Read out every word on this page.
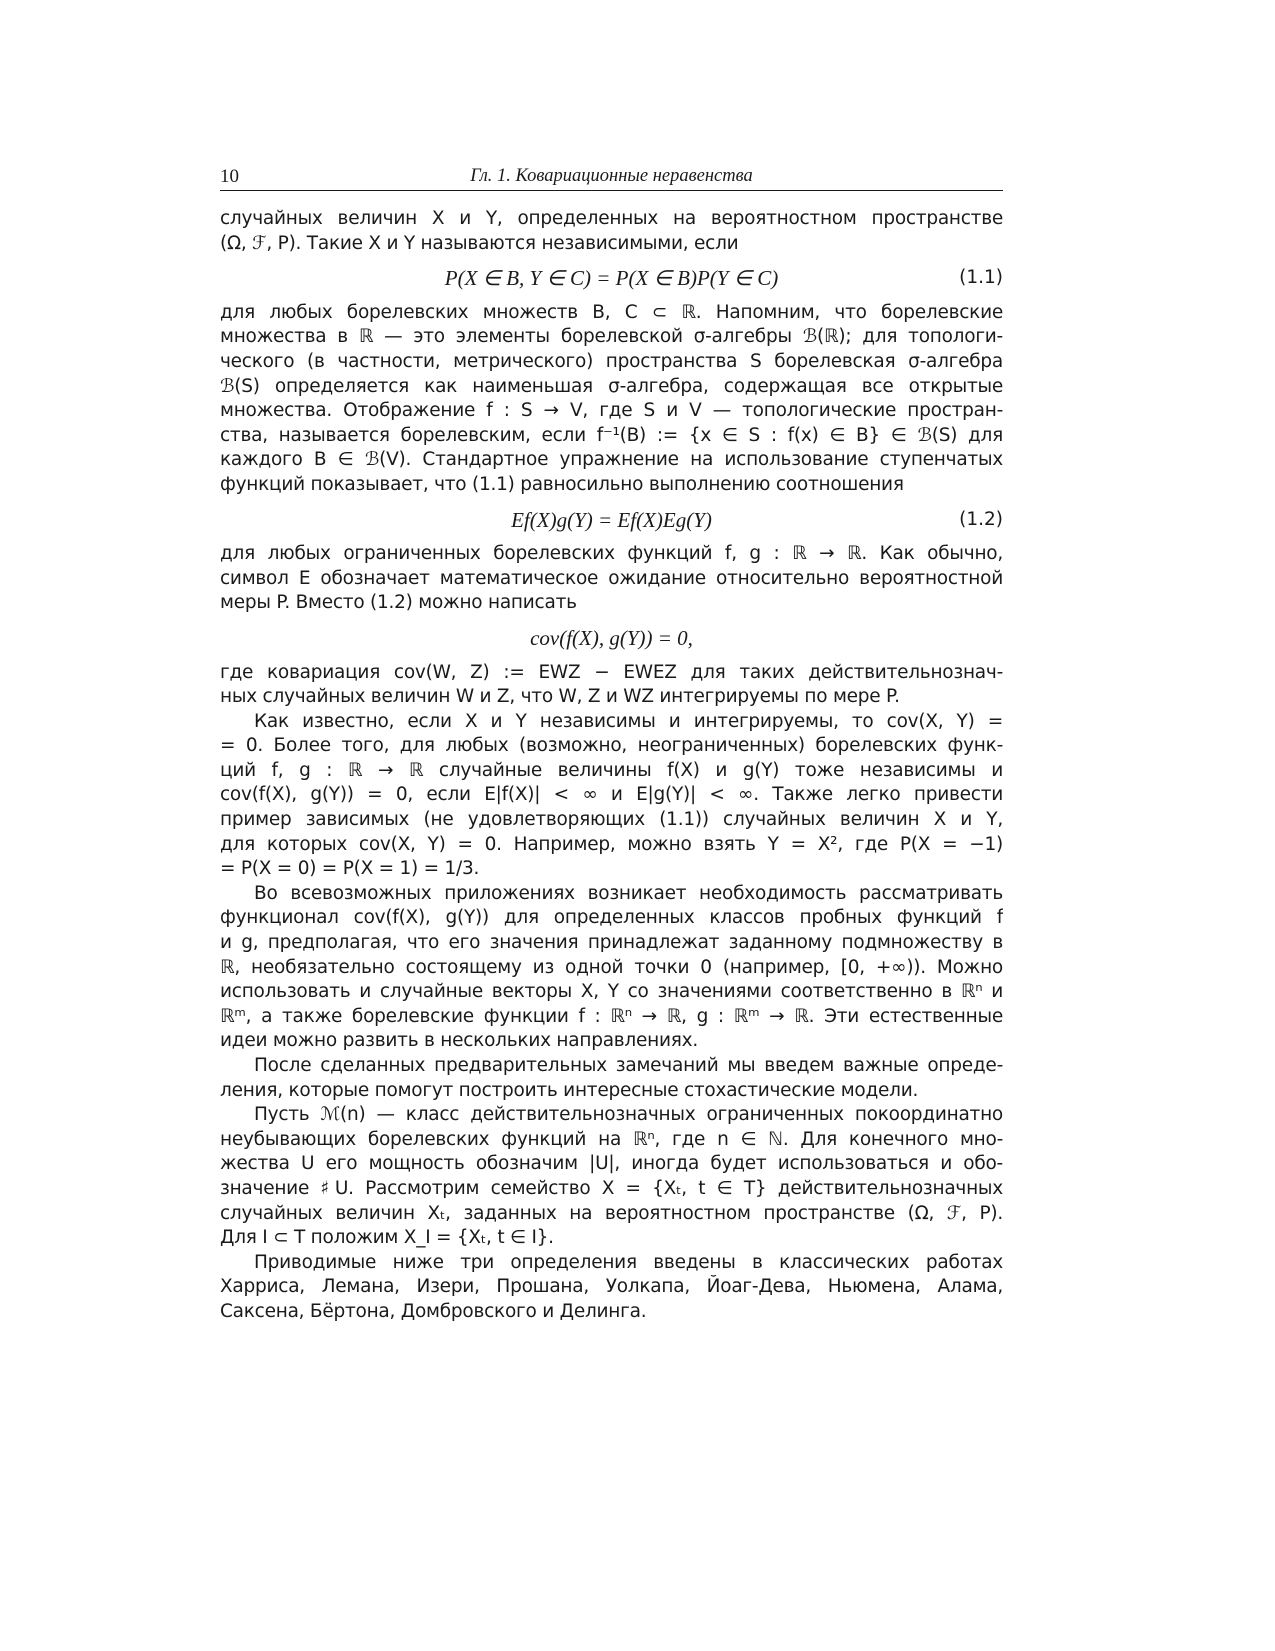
10	Гл. 1. Ковариационные неравенства
случайных величин X и Y, определенных на вероятностном пространстве
(Ω, ℱ, P). Такие X и Y называются независимыми, если
P(X ∈ B, Y ∈ C) = P(X ∈ B)P(Y ∈ C)	(1.1)
для любых борелевских множеств B, C ⊂ ℝ. Напомним, что борелевские
множества в ℝ — это элементы борелевской σ-алгебры ℬ(ℝ); для топологи-
ческого (в частности, метрического) пространства S борелевская σ-алгебра
ℬ(S) определяется как наименьшая σ-алгебра, содержащая все открытые
множества. Отображение f : S → V, где S и V — топологические простран-
ства, называется борелевским, если f⁻¹(B) := {x ∈ S : f(x) ∈ B} ∈ ℬ(S) для
каждого B ∈ ℬ(V). Стандартное упражнение на использование ступенчатых
функций показывает, что (1.1) равносильно выполнению соотношения
Ef(X)g(Y) = Ef(X)Eg(Y)	(1.2)
для любых ограниченных борелевских функций f, g : ℝ → ℝ. Как обычно,
символ E обозначает математическое ожидание относительно вероятностной
меры P. Вместо (1.2) можно написать
cov(f(X), g(Y)) = 0,
где ковариация cov(W, Z) := EWZ − EWEZ для таких действительнознач-
ных случайных величин W и Z, что W, Z и WZ интегрируемы по мере P.
Как известно, если X и Y независимы и интегрируемы, то cov(X, Y) =
= 0. Более того, для любых (возможно, неограниченных) борелевских функ-
ций f, g : ℝ → ℝ случайные величины f(X) и g(Y) тоже независимы и
cov(f(X), g(Y)) = 0, если E|f(X)| < ∞ и E|g(Y)| < ∞. Также легко привести
пример зависимых (не удовлетворяющих (1.1)) случайных величин X и Y,
для которых cov(X, Y) = 0. Например, можно взять Y = X², где P(X = −1)
= P(X = 0) = P(X = 1) = 1/3.
Во всевозможных приложениях возникает необходимость рассматривать
функционал cov(f(X), g(Y)) для определенных классов пробных функций f
и g, предполагая, что его значения принадлежат заданному подмножеству в
ℝ, необязательно состоящему из одной точки 0 (например, [0, +∞)). Можно
использовать и случайные векторы X, Y со значениями соответственно в ℝⁿ и
ℝᵐ, а также борелевские функции f : ℝⁿ → ℝ, g : ℝᵐ → ℝ. Эти естественные
идеи можно развить в нескольких направлениях.
После сделанных предварительных замечаний мы введем важные опреде-
ления, которые помогут построить интересные стохастические модели.
Пусть ℳ(n) — класс действительнозначных ограниченных покоординатно
неубывающих борелевских функций на ℝⁿ, где n ∈ ℕ. Для конечного мно-
жества U его мощность обозначим |U|, иногда будет использоваться и обо-
значение ♯U. Рассмотрим семейство X = {Xₜ, t ∈ T} действительнозначных
случайных величин Xₜ, заданных на вероятностном пространстве (Ω, ℱ, P).
Для I ⊂ T положим X_I = {Xₜ, t ∈ I}.
Приводимые ниже три определения введены в классических работах
Харриса, Лемана, Изери, Прошана, Уолкапа, Йоаг-Дева, Ньюмена, Алама,
Саксена, Бёртона, Домбровского и Делинга.
